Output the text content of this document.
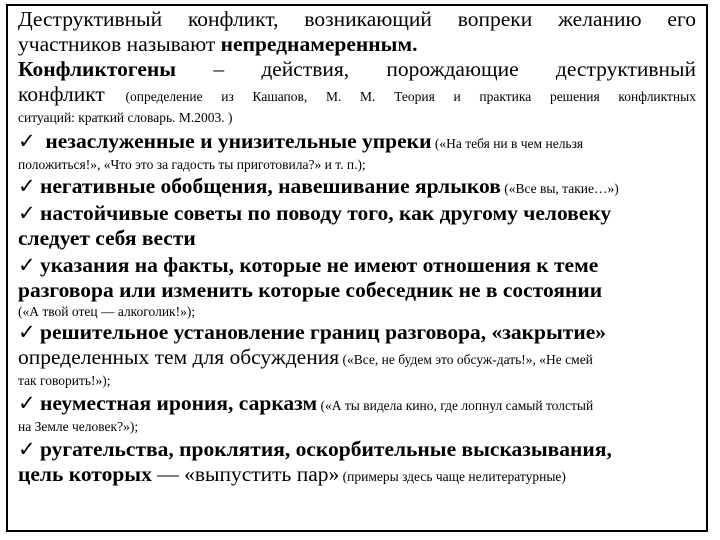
Деструктивный конфликт, возникающий вопреки желанию его

участников называют непреднамеренным.

Конфликтогены – действия, порождающие деструктивный

конфликт (определение из Кашапов, М. М. Теория и практика решения конфликтных

ситуаций: краткий словарь. М.2003. )

✓ незаслуженные и унизительные упреки («На тебя ни в чем нельзя

положиться!», «Что это за гадость ты приготовила?» и т. п.);

✓ негативные обобщения, навешивание ярлыков («Все вы, такие…»)

✓ настойчивые советы по поводу того, как другому человеку

следует себя вести

✓ указания на факты, которые не имеют отношения к теме

разговора или изменить которые собеседник не в состоянии

(«А твой отец — алкоголик!»);

✓ решительное установление границ разговора, «закрытие»

определенных тем для обсуждения («Все, не будем это обсуж-дать!», «Не смей

так говорить!»);

✓ неуместная ирония, сарказм («А ты видела кино, где лопнул самый толстый

на Земле человек?»);

✓ ругательства, проклятия, оскорбительные высказывания,

цель которых — «выпустить пар» (примеры здесь чаще нелитературные)
